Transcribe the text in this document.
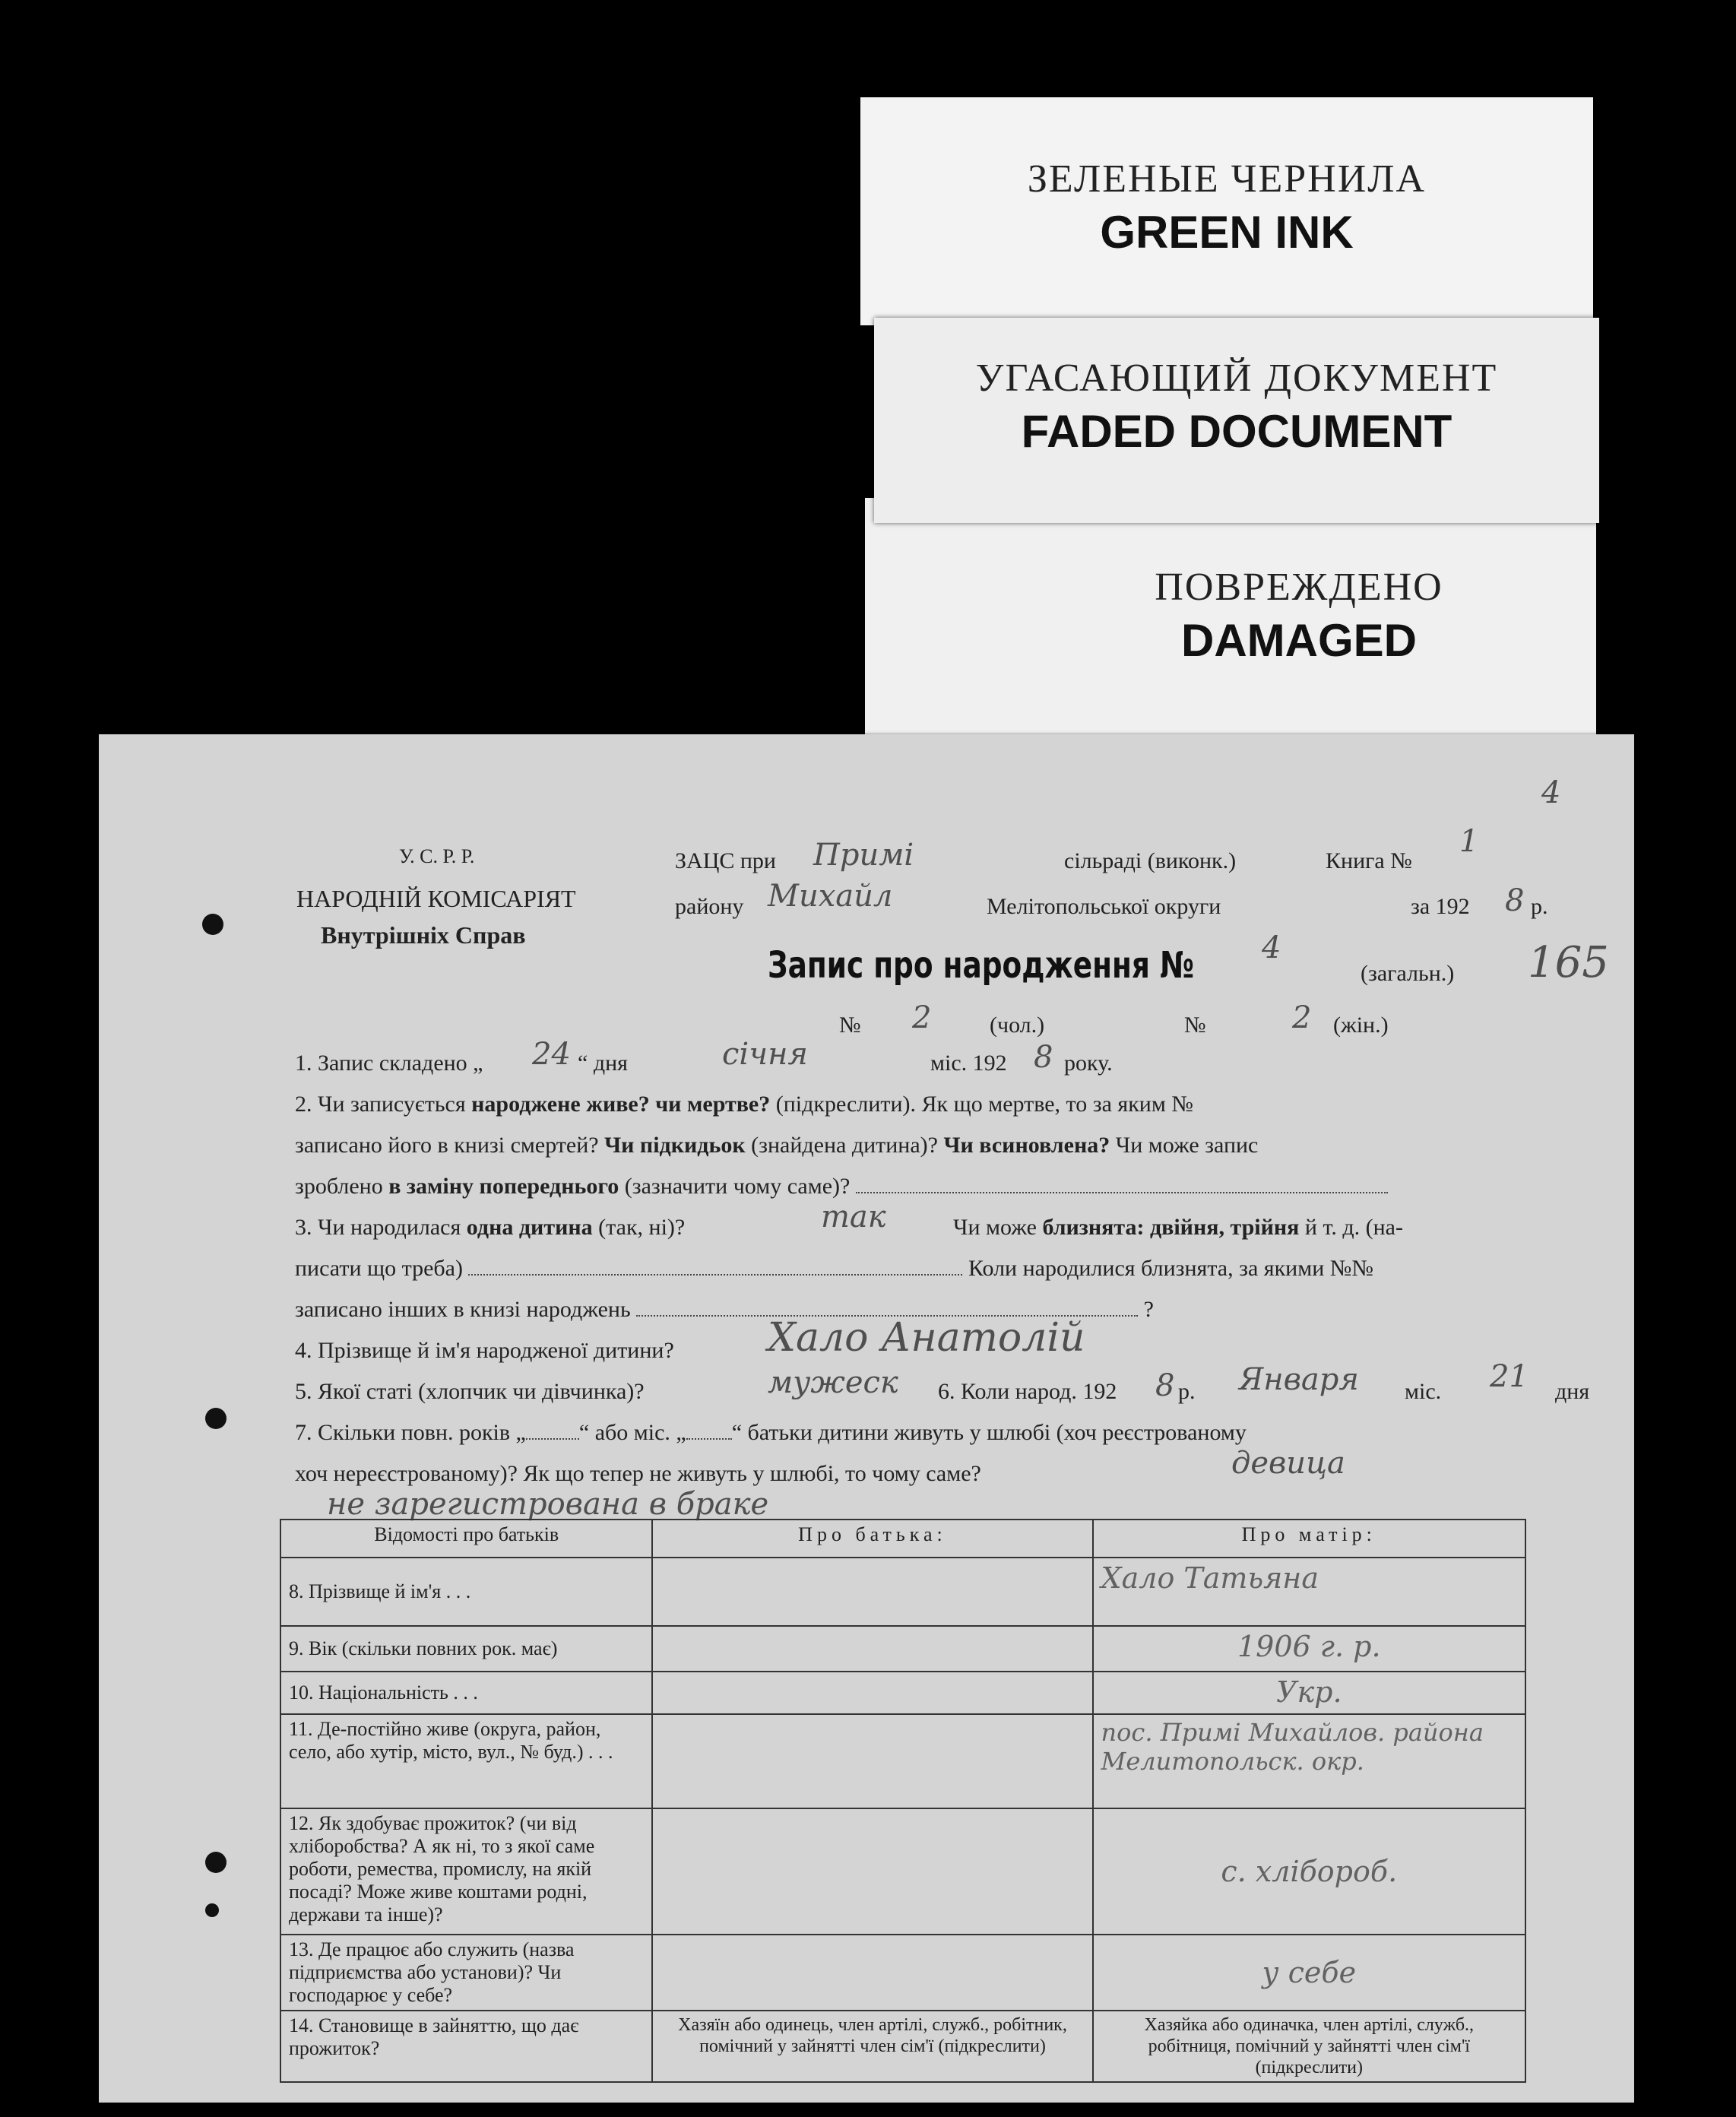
ЗЕЛЕНЫЕ ЧЕРНИЛА
GREEN INK
ПОВРЕЖДЕНО
DAMAGED
УГАСАЮЩИЙ ДОКУМЕНТ
FADED DOCUMENT
У. С. Р. Р.
НАРОДНІЙ КОМІСАРІЯТ
Внутрішніх Справ
ЗАЦС при Примі	сільраді (виконк.)	Книга №
1
4
району Михайл	Мелітопольської округи	за 192 8 р.
Запис про народження № 4
(загальн.) 165
№ 2	(чол.)	№	2 (жін.)
1. Запис складено „ 24 “ дня	січня	міс. 192 8 року.
2. Чи записується народжене живе? чи мертве? (підкреслити). Як що мертве, то за яким №
записано його в книзі смертей? Чи підкидьок (знайдена дитина)? Чи всиновлена? Чи може запис
зроблено в заміну попереднього (зазначити чому саме)?
3. Чи народилася одна дитина (так, ні)?	так	Чи може близнята: двійня, трійня й т. д. (на-
писати що треба)	Коли народилися близнята, за якими №№
записано інших в книзі народжень	?
4. Прізвище й ім'я народженої дитини? Хало Анатолій
5. Якої статі (хлопчик чи дівчинка)?	мужеск 6. Коли народ. 192 8 р. Января міс. 21 дня
7. Скільки повн. років „ “ або міс. „ “ батьки дитини живуть у шлюбі (хоч реєстрованому
хоч нереєстрованому)? Як що тепер не живуть у шлюбі, то чому саме?	девица
не зарегистрована в браке
Відомості про батьків	Про батька:	Про матір:
8. Прізвище й ім'я . . .		Хало Татьяна
9. Вік (скільки повних рок. має)		1906 г. р.
10. Національність . . .		Укр.
11. Де-постійно живе (округа, район, село, або хутір, місто, вул., № буд.) . . .		пос. Примі Михайлов. района Мелитопольск. окр.
12. Як здобуває прожиток? (чи від хліборобства? А як ні, то з якої саме роботи, ремества, промислу, на якій посаді? Може живе коштами родні, держави та інше)?		с. хлібороб.
13. Де працює або служить (назва підприємства або установи)? Чи господарює у себе?		у себе
14. Становище в зайняттю, що дає прожиток?	Хазяїн або одинець, член артілі, служб., робітник, помічний у зайнятті член сім'ї (підкреслити)	Хазяйка або одиначка, член артілі, служб., робітниця, помічний у зайнятті член сім'ї (підкреслити)
